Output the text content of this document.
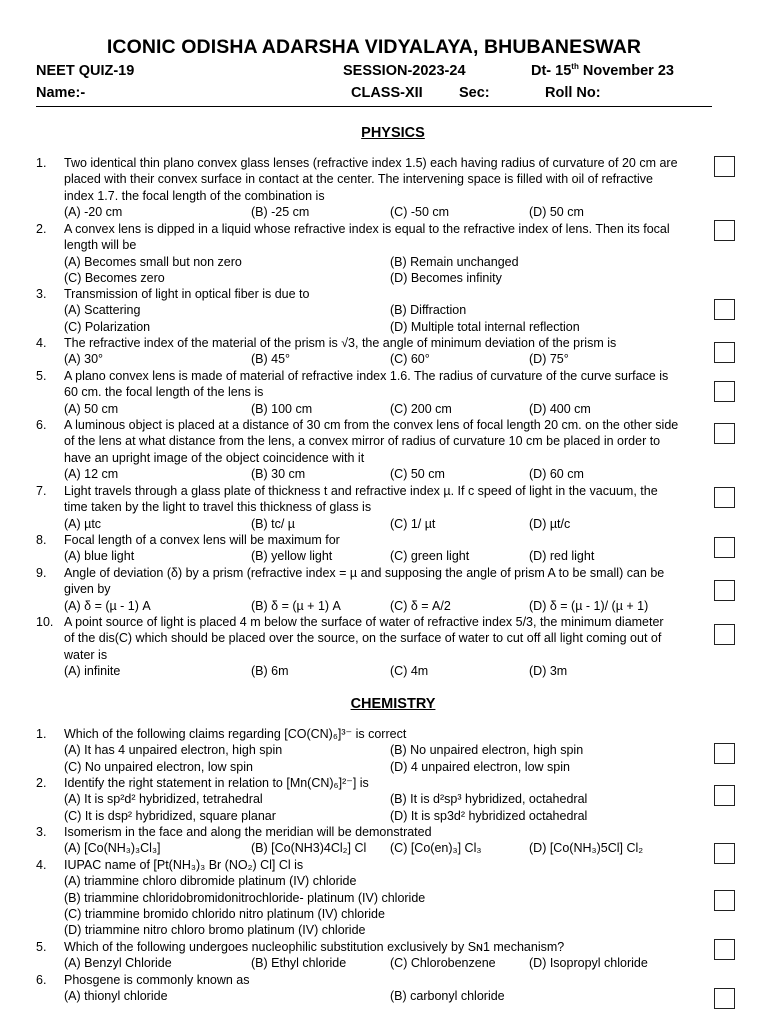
ICONIC ODISHA ADARSHA VIDYALAYA, BHUBANESWAR
NEET QUIZ-19	SESSION-2023-24	Dt- 15th November 23
Name:-	CLASS-XII	Sec:	Roll No:
PHYSICS
CHEMISTRY
1. Two identical thin plano convex glass lenses (refractive index 1.5) each having radius of curvature of 20 cm are
placed with their convex surface in contact at the center. The intervening space is filled with oil of refractive
index 1.7. the focal length of the combination is
(A) -20 cm	(B) -25 cm	(C) -50 cm	(D) 50 cm
2. A convex lens is dipped in a liquid whose refractive index is equal to the refractive index of lens. Then its focal
length will be
(A) Becomes small but non zero	(B) Remain unchanged
(C) Becomes zero	(D) Becomes infinity
3. Transmission of light in optical fiber is due to
(A) Scattering	(B) Diffraction
(C) Polarization	(D) Multiple total internal reflection
4. The refractive index of the material of the prism is √3, the angle of minimum deviation of the prism is
(A) 30°	(B) 45°	(C) 60°	(D) 75°
5. A plano convex lens is made of material of refractive index 1.6. The radius of curvature of the curve surface is
60 cm. the focal length of the lens is
(A) 50 cm	(B) 100 cm	(C) 200 cm	(D) 400 cm
6. A luminous object is placed at a distance of 30 cm from the convex lens of focal length 20 cm. on the other side
of the lens at what distance from the lens, a convex mirror of radius of curvature 10 cm be placed in order to
have an upright image of the object coincidence with it
(A) 12 cm	(B) 30 cm	(C) 50 cm	(D) 60 cm
7. Light travels through a glass plate of thickness t and refractive index µ. If c speed of light in the vacuum, the
time taken by the light to travel this thickness of glass is
(A) µtc	(B) tc/ µ	(C) 1/ µt	(D) µt/c
8. Focal length of a convex lens will be maximum for
(A) blue light	(B) yellow light	(C) green light	(D) red light
9. Angle of deviation (δ) by a prism (refractive index = µ and supposing the angle of prism A to be small) can be
given by
(A) δ = (µ - 1) A	(B) δ = (µ + 1) A	(C) δ = A/2	(D) δ = (µ - 1)/ (µ + 1)
10. A point source of light is placed 4 m below the surface of water of refractive index 5/3, the minimum diameter
of the dis(C) which should be placed over the source, on the surface of water to cut off all light coming out of
water is
(A) infinite	(B) 6m	(C) 4m	(D) 3m
1. Which of the following claims regarding [CO(CN)₆]³⁻ is correct
(A) It has 4 unpaired electron, high spin	(B) No unpaired electron, high spin
(C) No unpaired electron, low spin	(D) 4 unpaired electron, low spin
2. Identify the right statement in relation to [Mn(CN)₆]²⁻] is
(A) It is sp²d² hybridized, tetrahedral	(B) It is d²sp³ hybridized, octahedral
(C) It is dsp² hybridized, square planar	(D) It is sp3d² hybridized octahedral
3. Isomerism in the face and along the meridian will be demonstrated
(A) [Co(NH₃)₃Cl₃]	(B) [Co(NH3)4Cl₂] Cl (C) [Co(en)₃] Cl₃	(D) [Co(NH₃)5Cl] Cl₂
4. IUPAC name of [Pt(NH₃)₃ Br (NO₂) Cl] Cl is
(A) triammine chloro dibromide platinum (IV) chloride
(B) triammine chloridobromidonitrochloride- platinum (IV) chloride
(C) triammine bromido chlorido nitro platinum (IV) chloride
(D) triammine nitro chloro bromo platinum (IV) chloride
5. Which of the following undergoes nucleophilic substitution exclusively by Sɴ1 mechanism?
(A) Benzyl Chloride	(B) Ethyl chloride	(C) Chlorobenzene	(D) Isopropyl chloride
6. Phosgene is commonly known as
(A) thionyl chloride	(B) carbonyl chloride
